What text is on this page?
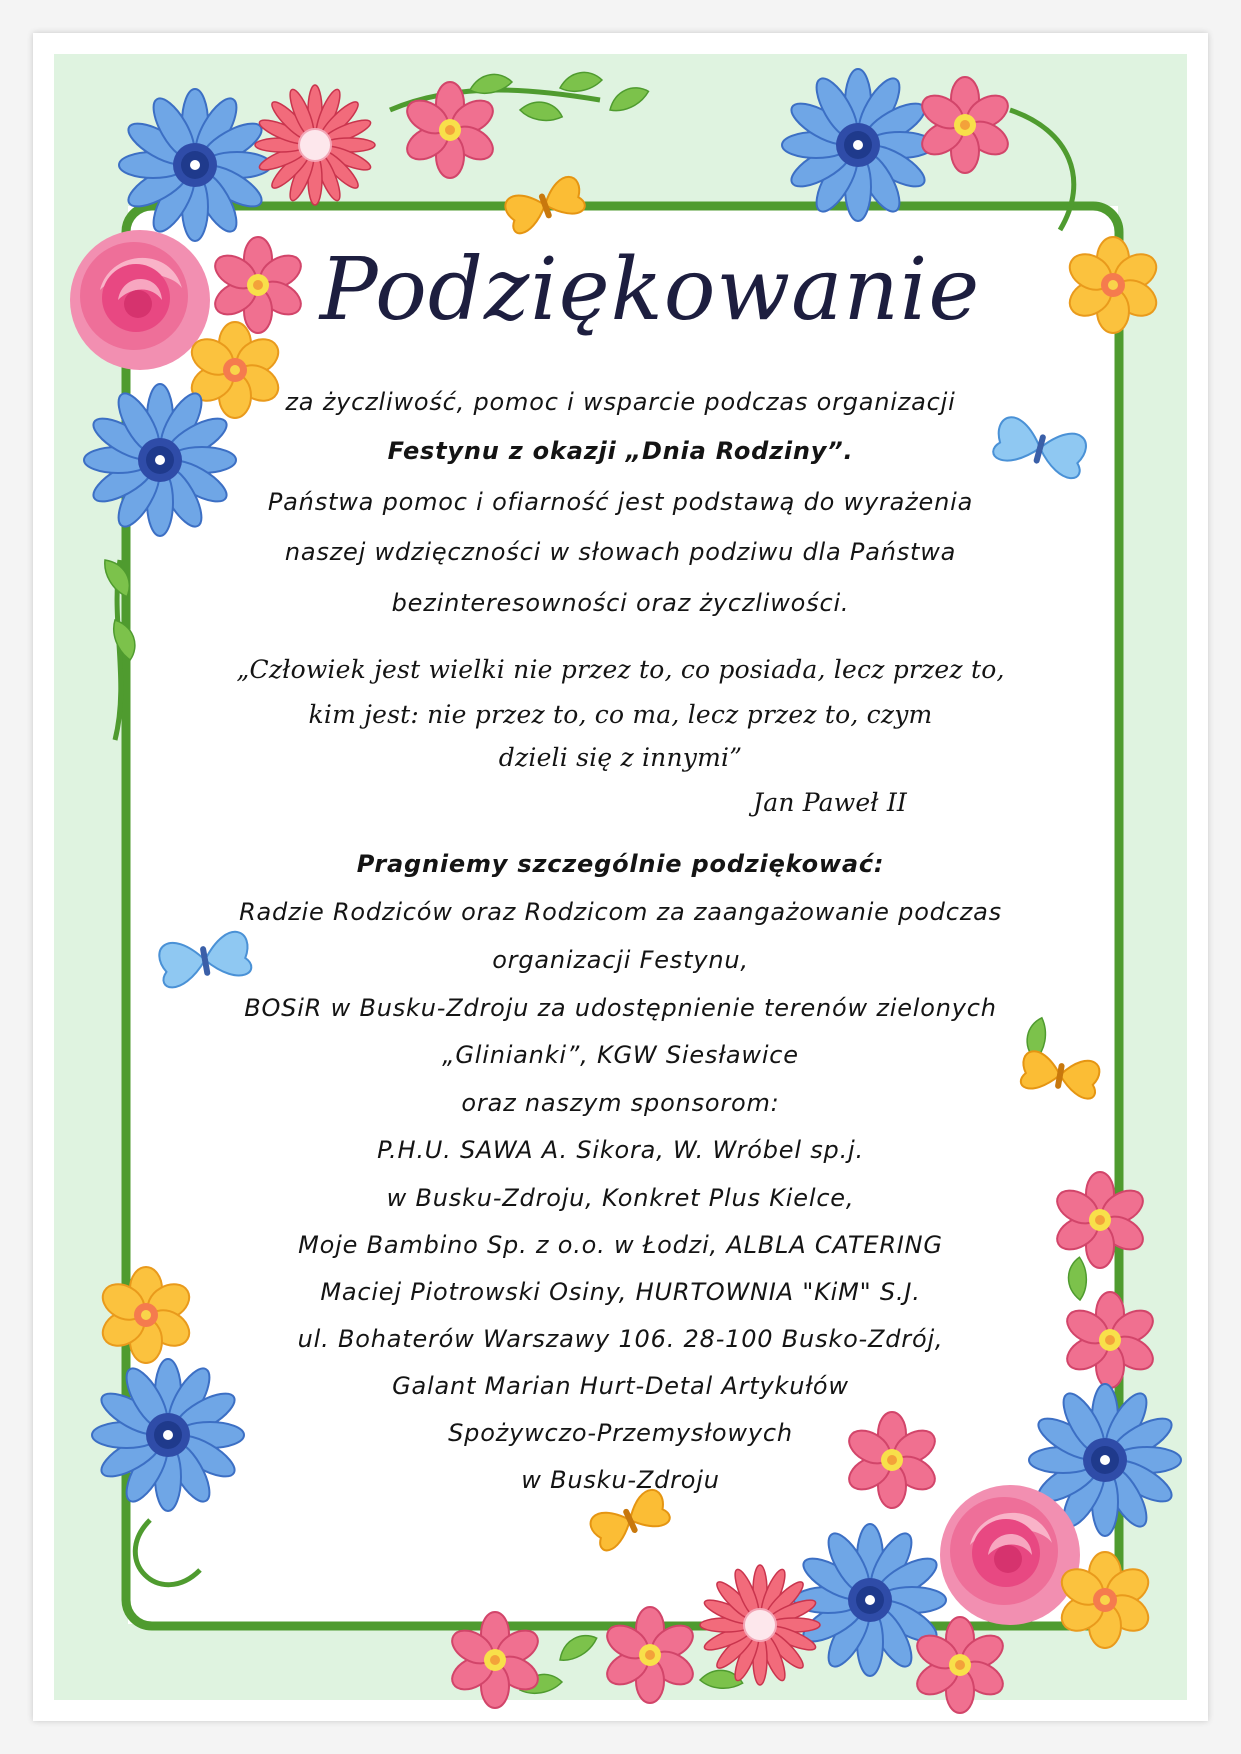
Podziękowanie
za życzliwość, pomoc i wsparcie podczas organizacji
Festynu z okazji „Dnia Rodziny”.
Państwa pomoc i ofiarność jest podstawą do wyrażenia
naszej wdzięczności w słowach podziwu dla Państwa
bezinteresowności oraz życzliwości.
„Człowiek jest wielki nie przez to, co posiada, lecz przez to,
kim jest: nie przez to, co ma, lecz przez to, czym
dzieli się z innymi”
Jan Paweł II
Pragniemy szczególnie podziękować:
Radzie Rodziców oraz Rodzicom za zaangażowanie podczas
organizacji Festynu,
BOSiR w Busku-Zdroju za udostępnienie terenów zielonych
„Glinianki”, KGW Siesławice
oraz naszym sponsorom:
P.H.U. SAWA A. Sikora, W. Wróbel sp.j.
w Busku-Zdroju, Konkret Plus Kielce,
Moje Bambino Sp. z o.o. w Łodzi, ALBLA CATERING
Maciej Piotrowski Osiny, HURTOWNIA "KiM" S.J.
ul. Bohaterów Warszawy 106. 28-100 Busko-Zdrój,
Galant Marian Hurt-Detal Artykułów
Spożywczo-Przemysłowych
w Busku-Zdroju
